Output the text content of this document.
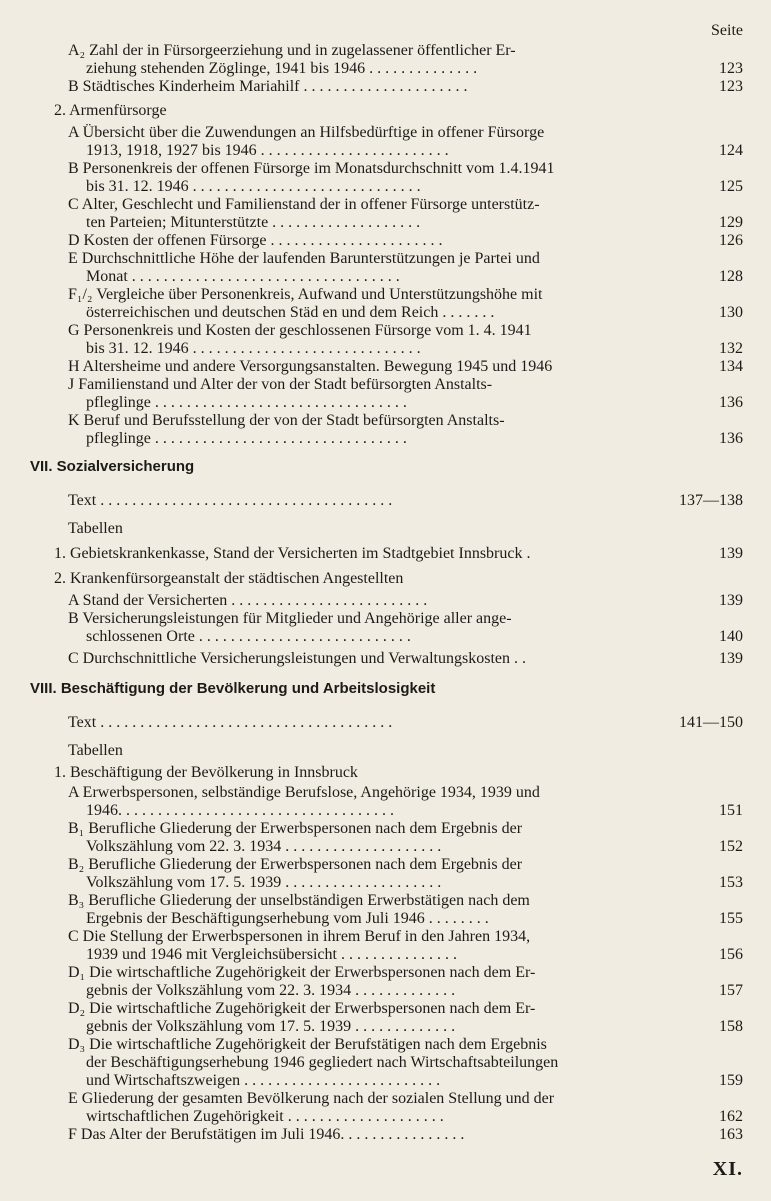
Seite
A₂ Zahl der in Fürsorgeerziehung und in zugelassener öffentlicher Er-
ziehung stehenden Zöglinge, 1941 bis 1946 . . . . . . . . . . . . . .	123
B Städtisches Kinderheim Mariahilf . . . . . . . . . . . . . . . . . . . . .	123
2. Armenfürsorge
A Übersicht über die Zuwendungen an Hilfsbedürftige in offener Fürsorge
1913, 1918, 1927 bis 1946 . . . . . . . . . . . . . . . . . . . . . . . .	124
B Personenkreis der offenen Fürsorge im Monatsdurchschnitt vom 1.4.1941
bis 31. 12. 1946 . . . . . . . . . . . . . . . . . . . . . . . . . . . . .	125
C Alter, Geschlecht und Familienstand der in offener Fürsorge unterstütz-
ten Parteien; Mitunterstützte . . . . . . . . . . . . . . . . . . .	129
D Kosten der offenen Fürsorge . . . . . . . . . . . . . . . . . . . . . .	126
E Durchschnittliche Höhe der laufenden Barunterstützungen je Partei und
Monat . . . . . . . . . . . . . . . . . . . . . . . . . . . . . . . . . .	128
F₁/₂ Vergleiche über Personenkreis, Aufwand und Unterstützungshöhe mit
österreichischen und deutschen Städ en und dem Reich . . . . . . .	130
G Personenkreis und Kosten der geschlossenen Fürsorge vom 1. 4. 1941
bis 31. 12. 1946 . . . . . . . . . . . . . . . . . . . . . . . . . . . . .	132
H Altersheime und andere Versorgungsanstalten. Bewegung 1945 und 1946	134
J Familienstand und Alter der von der Stadt befürsorgten Anstalts-
pfleglinge . . . . . . . . . . . . . . . . . . . . . . . . . . . . . . . .	136
K Beruf und Berufsstellung der von der Stadt befürsorgten Anstalts-
pfleglinge . . . . . . . . . . . . . . . . . . . . . . . . . . . . . . . .	136
Text . . . . . . . . . . . . . . . . . . . . . . . . . . . . . . . . . . . . .	137—138
Tabellen
1. Gebietskrankenkasse, Stand der Versicherten im Stadtgebiet Innsbruck .	139
2. Krankenfürsorgeanstalt der städtischen Angestellten
A Stand der Versicherten . . . . . . . . . . . . . . . . . . . . . . . . .	139
B Versicherungsleistungen für Mitglieder und Angehörige aller ange-
schlossenen Orte . . . . . . . . . . . . . . . . . . . . . . . . . . .	140
C Durchschnittliche Versicherungsleistungen und Verwaltungskosten . .	139
Text . . . . . . . . . . . . . . . . . . . . . . . . . . . . . . . . . . . . .	141—150
Tabellen
1. Beschäftigung der Bevölkerung in Innsbruck
A Erwerbspersonen, selbständige Berufslose, Angehörige 1934, 1939 und
1946. . . . . . . . . . . . . . . . . . . . . . . . . . . . . . . . . . .	151
B₁ Berufliche Gliederung der Erwerbspersonen nach dem Ergebnis der
Volkszählung vom 22. 3. 1934 . . . . . . . . . . . . . . . . . . . .	152
B₂ Berufliche Gliederung der Erwerbspersonen nach dem Ergebnis der
Volkszählung vom 17. 5. 1939 . . . . . . . . . . . . . . . . . . . .	153
B₃ Berufliche Gliederung der unselbständigen Erwerbstätigen nach dem
Ergebnis der Beschäftigungserhebung vom Juli 1946 . . . . . . . .	155
C Die Stellung der Erwerbspersonen in ihrem Beruf in den Jahren 1934,
1939 und 1946 mit Vergleichsübersicht . . . . . . . . . . . . . . .	156
D₁ Die wirtschaftliche Zugehörigkeit der Erwerbspersonen nach dem Er-
gebnis der Volkszählung vom 22. 3. 1934 . . . . . . . . . . . . .	157
D₂ Die wirtschaftliche Zugehörigkeit der Erwerbspersonen nach dem Er-
gebnis der Volkszählung vom 17. 5. 1939 . . . . . . . . . . . . .	158
D₃ Die wirtschaftliche Zugehörigkeit der Berufstätigen nach dem Ergebnis
der Beschäftigungserhebung 1946 gegliedert nach Wirtschaftsabteilungen
und Wirtschaftszweigen . . . . . . . . . . . . . . . . . . . . . . . . .	159
E Gliederung der gesamten Bevölkerung nach der sozialen Stellung und der
wirtschaftlichen Zugehörigkeit . . . . . . . . . . . . . . . . . . . .	162
F Das Alter der Berufstätigen im Juli 1946. . . . . . . . . . . . . . . .	163
VII. Sozialversicherung
VIII. Beschäftigung der Bevölkerung und Arbeitslosigkeit
XI.
